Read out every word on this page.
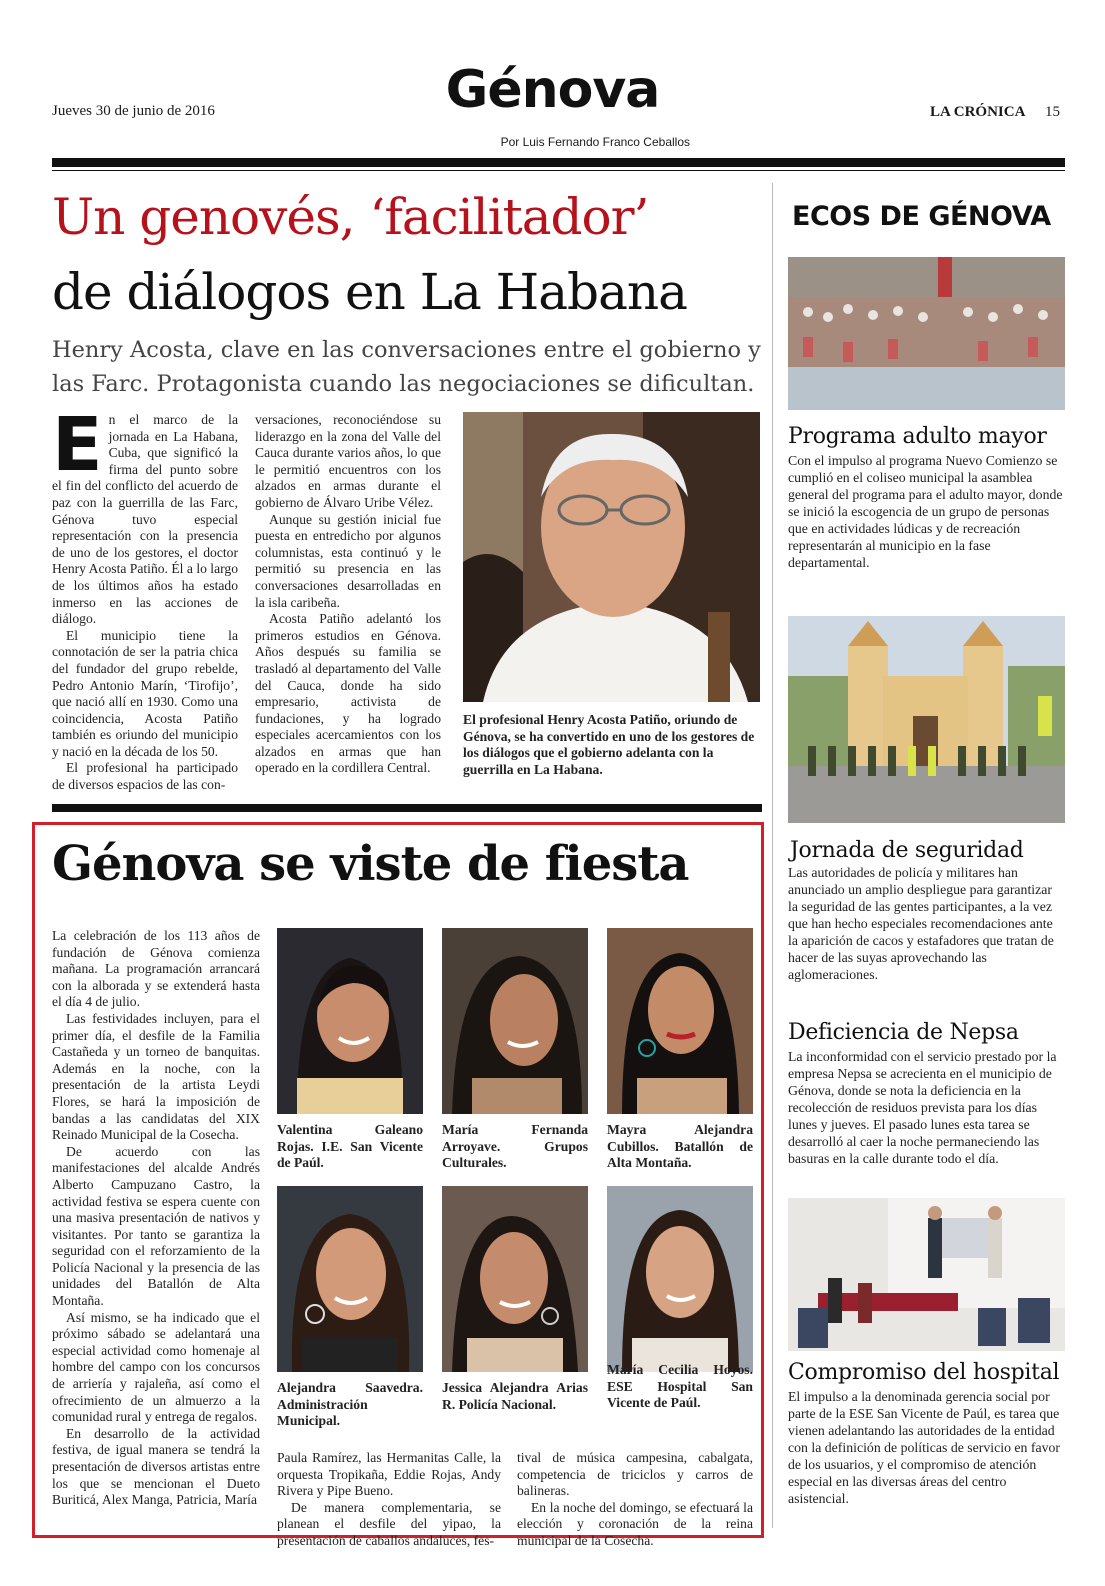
Jueves 30 de junio de 2016	Génova
Por Luis Fernando Franco Ceballos
LA CRÓNICA 15
Un genovés, ‘facilitador’
de diálogos en La Habana
Henry Acosta, clave en las conversaciones entre el gobierno y las Farc. Protagonista cuando las negociaciones se dificultan.

En el marco de la jornada en La Habana, Cuba, que significó la firma del punto sobre el fin del conflicto del acuerdo de paz con la guerrilla de las Farc, Génova tuvo especial representación con la presencia de uno de los gestores, el doctor Henry Acosta Patiño. Él a lo largo de los últimos años ha estado inmerso en las acciones de diálogo.

El municipio tiene la connotación de ser la patria chica del fundador del grupo rebelde, Pedro Antonio Marín, ‘Tirofijo’, que nació allí en 1930. Como una coincidencia, Acosta Patiño también es oriundo del municipio y nació en la década de los 50.

El profesional ha participado de diversos espacios de las con-

versaciones, reconociéndose su liderazgo en la zona del Valle del Cauca durante varios años, lo que le permitió encuentros con los alzados en armas durante el gobierno de Álvaro Uribe Vélez.

Aunque su gestión inicial fue puesta en entredicho por algunos columnistas, esta continuó y le permitió su presencia en las conversaciones desarrolladas en la isla caribeña.

Acosta Patiño adelantó los primeros estudios en Génova. Años después su familia se trasladó al departamento del Valle del Cauca, donde ha sido empresario, activista de fundaciones, y ha logrado especiales acercamientos con los alzados en armas que han operado en la cordillera Central.

El profesional Henry Acosta Patiño, oriundo de Génova, se ha convertido en uno de los gestores de los diálogos que el gobierno adelanta con la guerrilla en La Habana.
ECOS DE GÉNOVA
Programa adulto mayor
Con el impulso al programa Nuevo Comienzo se cumplió en el coliseo municipal la asamblea general del programa para el adulto mayor, donde se inició la escogencia de un grupo de personas que en actividades lúdicas y de recreación representarán al municipio en la fase departamental.
Jornada de seguridad
Las autoridades de policía y militares han anunciado un amplio despliegue para garantizar la seguridad de las gentes participantes, a la vez que han hecho especiales recomendaciones ante la aparición de cacos y estafadores que tratan de hacer de las suyas aprovechando las aglomeraciones.
Deficiencia de Nepsa
La inconformidad con el servicio prestado por la empresa Nepsa se acrecienta en el municipio de Génova, donde se nota la deficiencia en la recolección de residuos prevista para los días lunes y jueves. El pasado lunes esta tarea se desarrolló al caer la noche permaneciendo las basuras en la calle durante todo el día.
Compromiso del hospital
El impulso a la denominada gerencia social por parte de la ESE San Vicente de Paúl, es tarea que vienen adelantando las autoridades de la entidad con la definición de políticas de servicio en favor de los usuarios, y el compromiso de atención especial en las diversas áreas del centro asistencial.
Génova se viste de fiesta

La celebración de los 113 años de fundación de Génova comienza mañana. La programación arrancará con la alborada y se extenderá hasta el día 4 de julio.

Las festividades incluyen, para el primer día, el desfile de la Familia Castañeda y un torneo de banquitas. Además en la noche, con la presentación de la artista Leydi Flores, se hará la imposición de bandas a las candidatas del XIX Reinado Municipal de la Cosecha.

De acuerdo con las manifestaciones del alcalde Andrés Alberto Campuzano Castro, la actividad festiva se espera cuente con una masiva presentación de nativos y visitantes. Por tanto se garantiza la seguridad con el reforzamiento de la Policía Nacional y la presencia de las unidades del Batallón de Alta Montaña.

Así mismo, se ha indicado que el próximo sábado se adelantará una especial actividad como homenaje al hombre del campo con los concursos de arriería y rajaleña, así como el ofrecimiento de un almuerzo a la comunidad rural y entrega de regalos.

En desarrollo de la actividad festiva, de igual manera se tendrá la presentación de diversos artistas entre los que se mencionan el Dueto Buriticá, Alex Manga, Patricia, María

Valentina Galeano Rojas. I.E. San Vicente de Paúl.
María Fernanda Arroyave. Grupos Culturales.
Mayra Alejandra Cubillos. Batallón de Alta Montaña.
Alejandra Saavedra. Administración Municipal.
Jessica Alejandra Arias R. Policía Nacional.
María Cecilia Hoyos. ESE Hospital San Vicente de Paúl.

Paula Ramírez, las Hermanitas Calle, la orquesta Tropikaña, Eddie Rojas, Andy Rivera y Pipe Bueno.

De manera complementaria, se planean el desfile del yipao, la presentación de caballos andaluces, fes-

tival de música campesina, cabalgata, competencia de triciclos y carros de balineras.

En la noche del domingo, se efectuará la elección y coronación de la reina municipal de la Cosecha.
